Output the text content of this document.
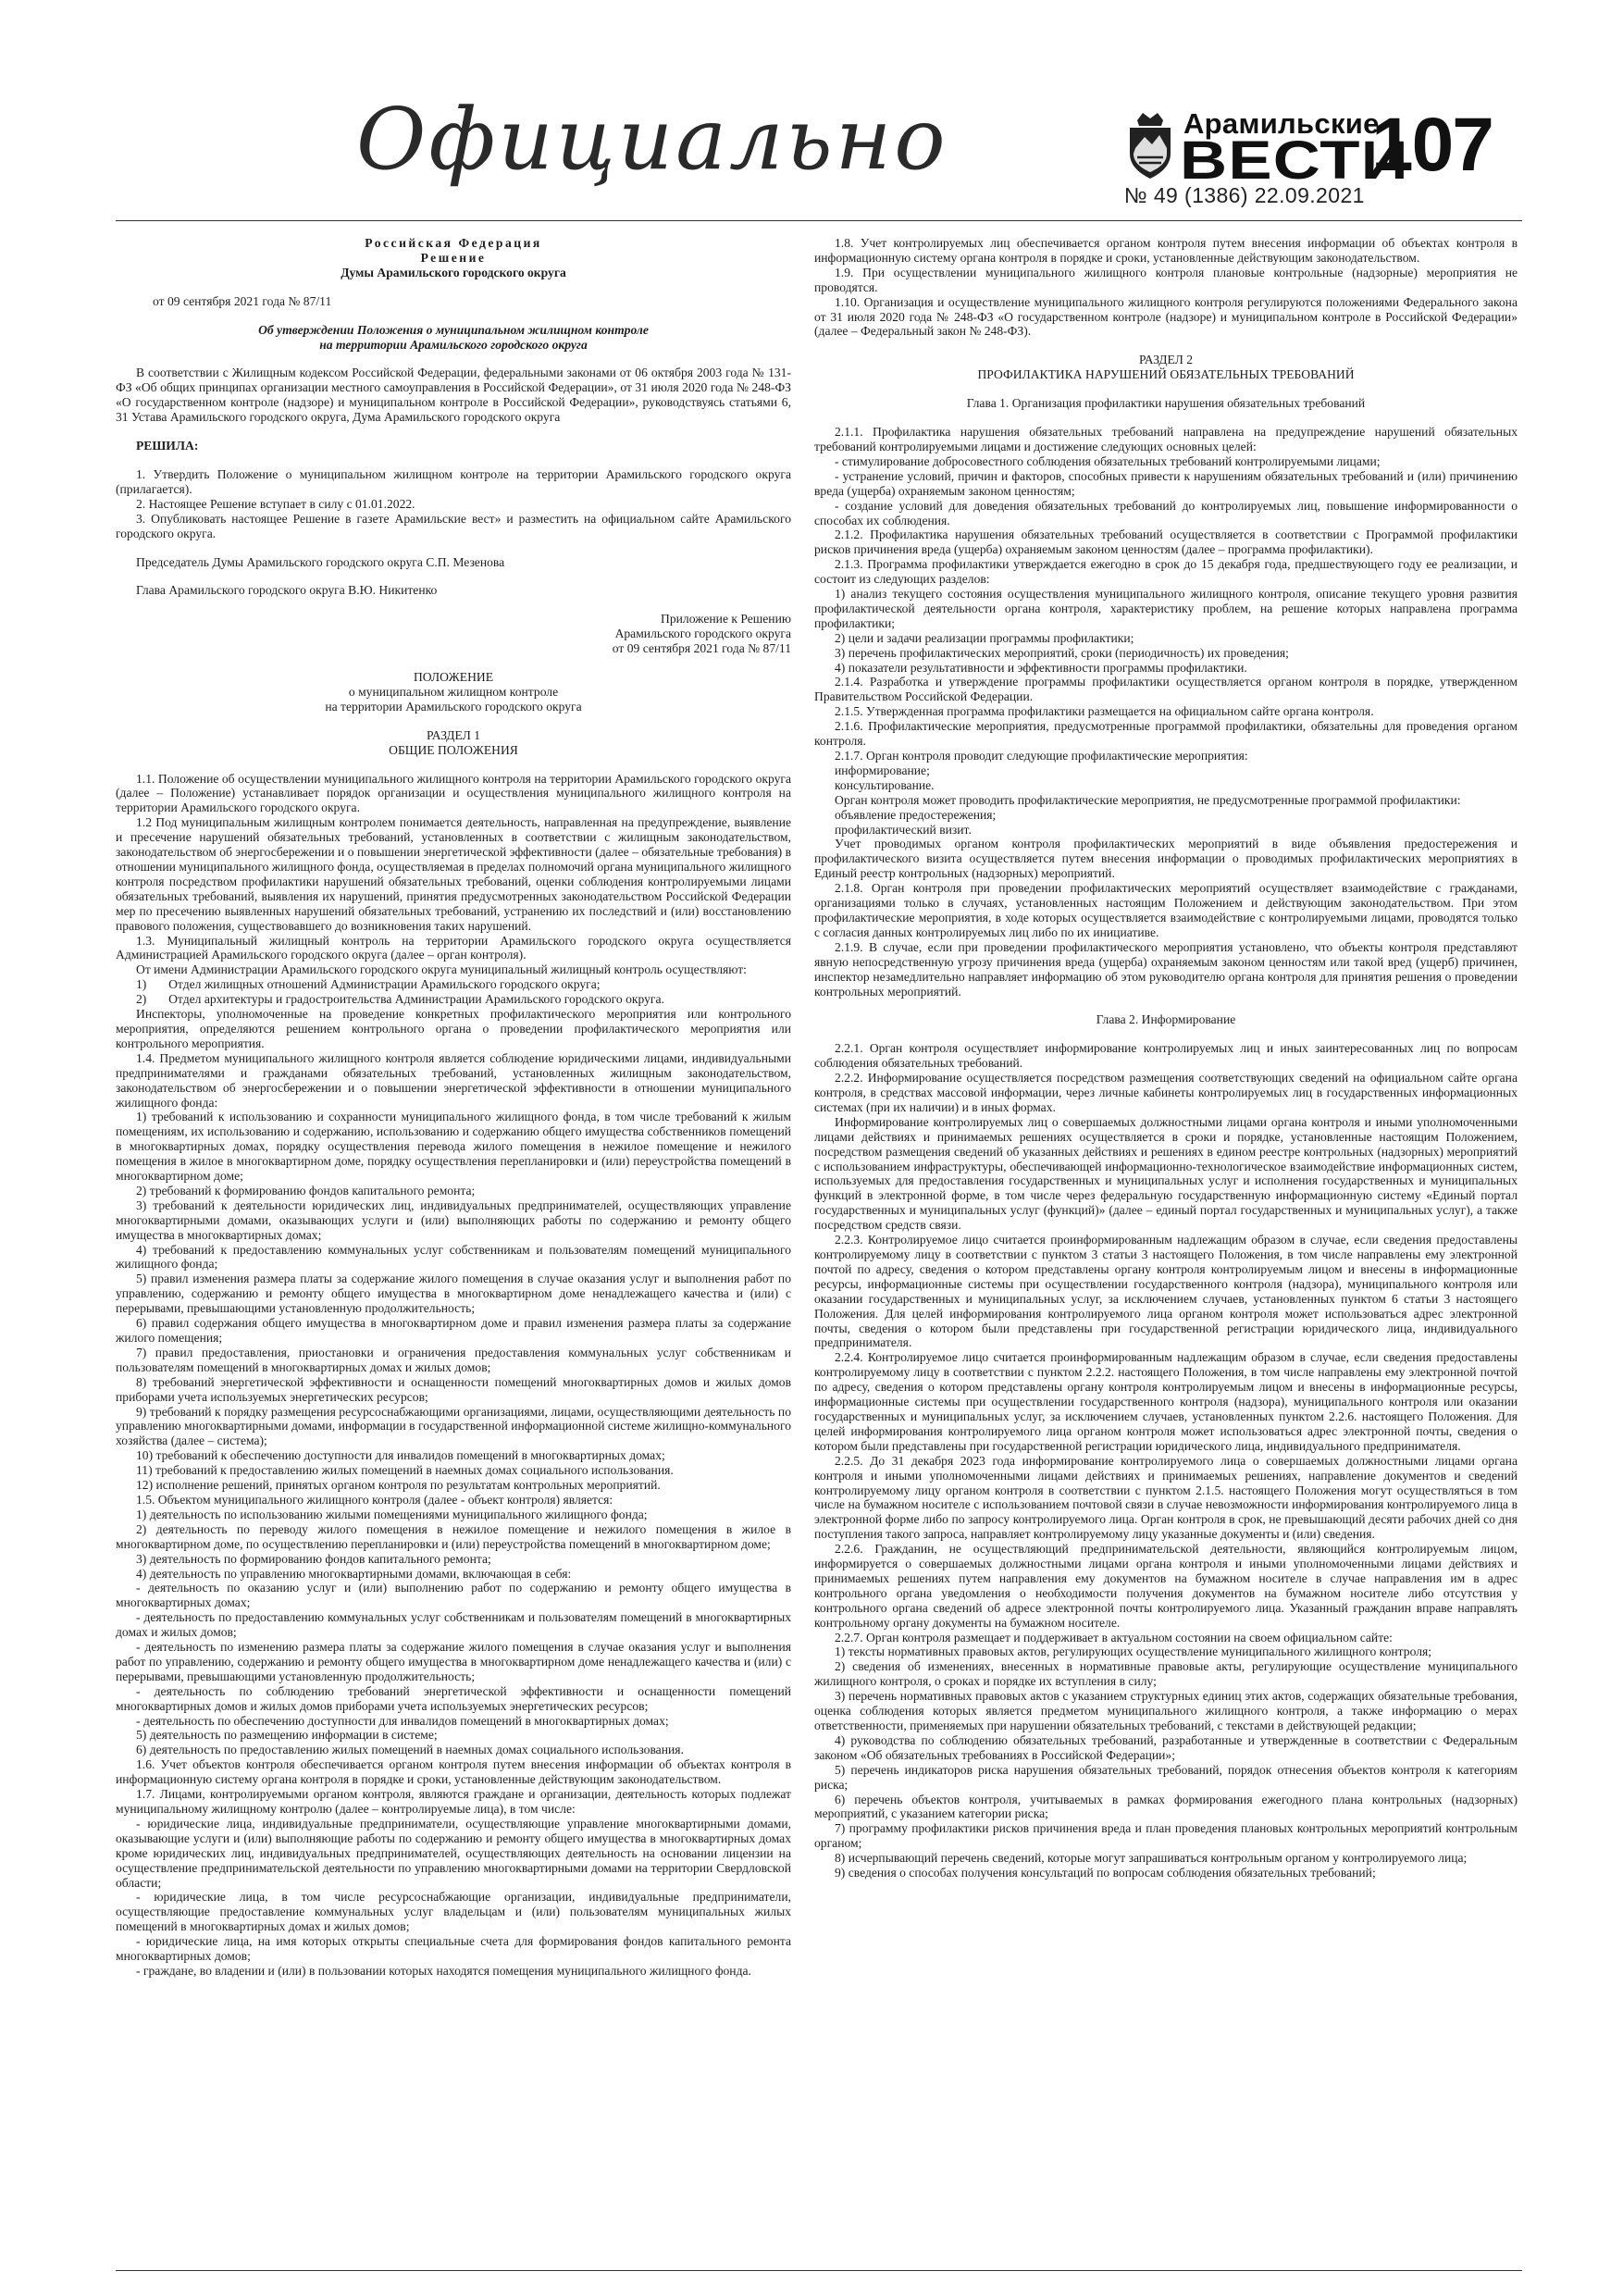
Официально	Арамильские
ВЕСТИ
107
№ 49 (1386) 22.09.2021

Российская Федерация

Решение

Думы Арамильского городского округа

от 09 сентября 2021 года № 87/11

Об утверждении Положения о муниципальном жилищном контроле

на территории Арамильского городского округа

В соответствии с Жилищным кодексом Российской Федерации, федеральными законами от 06 октября 2003 года № 131-ФЗ «Об общих принципах организации местного самоуправления в Российской Федерации», от 31 июля 2020 года № 248-ФЗ «О государственном контроле (надзоре) и муниципальном контроле в Российской Федерации», руководствуясь статьями 6, 31 Устава Арамильского городского округа, Дума Арамильского городского округа

РЕШИЛА:

1. Утвердить Положение о муниципальном жилищном контроле на территории Арамильского городского округа (прилагается).

2. Настоящее Решение вступает в силу с 01.01.2022.

3. Опубликовать настоящее Решение в газете Арамильские вест» и разместить на официальном сайте Арамильского городского округа.

Председатель Думы Арамильского городского округа С.П. Мезенова

Глава Арамильского городского округа В.Ю. Никитенко

Приложение к Решению

Арамильского городского округа

от 09 сентября 2021 года № 87/11

ПОЛОЖЕНИЕ

о муниципальном жилищном контроле

на территории Арамильского городского округа

РАЗДЕЛ 1

ОБЩИЕ ПОЛОЖЕНИЯ

1.1. Положение об осуществлении муниципального жилищного контроля на территории Арамильского городского округа (далее – Положение) устанавливает порядок организации и осуществления муниципального жилищного контроля на территории Арамильского городского округа.

1.2 Под муниципальным жилищным контролем понимается деятельность, направленная на предупреждение, выявление и пресечение нарушений обязательных требований, установленных в соответствии с жилищным законодательством, законодательством об энергосбережении и о повышении энергетической эффективности (далее – обязательные требования) в отношении муниципального жилищного фонда, осуществляемая в пределах полномочий органа муниципального жилищного контроля посредством профилактики нарушений обязательных требований, оценки соблюдения контролируемыми лицами обязательных требований, выявления их нарушений, принятия предусмотренных законодательством Российской Федерации мер по пресечению выявленных нарушений обязательных требований, устранению их последствий и (или) восстановлению правового положения, существовавшего до возникновения таких нарушений.

1.3. Муниципальный жилищный контроль на территории Арамильского городского округа осуществляется Администрацией Арамильского городского округа (далее – орган контроля).

От имени Администрации Арамильского городского округа муниципальный жилищный контроль осуществляют:

1)       Отдел жилищных отношений Администрации Арамильского городского округа;

2)       Отдел архитектуры и градостроительства Администрации Арамильского городского округа.

Инспекторы, уполномоченные на проведение конкретных профилактического мероприятия или контрольного мероприятия, определяются решением контрольного органа о проведении профилактического мероприятия или контрольного мероприятия.

1.4. Предметом муниципального жилищного контроля является соблюдение юридическими лицами, индивидуальными предпринимателями и гражданами обязательных требований, установленных жилищным законодательством, законодательством об энергосбережении и о повышении энергетической эффективности в отношении муниципального жилищного фонда:

1) требований к использованию и сохранности муниципального жилищного фонда, в том числе требований к жилым помещениям, их использованию и содержанию, использованию и содержанию общего имущества собственников помещений в многоквартирных домах, порядку осуществления перевода жилого помещения в нежилое помещение и нежилого помещения в жилое в многоквартирном доме, порядку осуществления перепланировки и (или) переустройства помещений в многоквартирном доме;

2) требований к формированию фондов капитального ремонта;

3) требований к деятельности юридических лиц, индивидуальных предпринимателей, осуществляющих управление многоквартирными домами, оказывающих услуги и (или) выполняющих работы по содержанию и ремонту общего имущества в многоквартирных домах;

4) требований к предоставлению коммунальных услуг собственникам и пользователям помещений муниципального жилищного фонда;

5) правил изменения размера платы за содержание жилого помещения в случае оказания услуг и выполнения работ по управлению, содержанию и ремонту общего имущества в многоквартирном доме ненадлежащего качества и (или) с перерывами, превышающими установленную продолжительность;

6) правил содержания общего имущества в многоквартирном доме и правил изменения размера платы за содержание жилого помещения;

7) правил предоставления, приостановки и ограничения предоставления коммунальных услуг собственникам и пользователям помещений в многоквартирных домах и жилых домов;

8) требований энергетической эффективности и оснащенности помещений многоквартирных домов и жилых домов приборами учета используемых энергетических ресурсов;

9) требований к порядку размещения ресурсоснабжающими организациями, лицами, осуществляющими деятельность по управлению многоквартирными домами, информации в государственной информационной системе жилищно-коммунального хозяйства (далее – система);

10) требований к обеспечению доступности для инвалидов помещений в многоквартирных домах;

11) требований к предоставлению жилых помещений в наемных домах социального использования.

12) исполнение решений, принятых органом контроля по результатам контрольных мероприятий.

1.5. Объектом муниципального жилищного контроля (далее - объект контроля) является:

1) деятельность по использованию жилыми помещениями муниципального жилищного фонда;

2) деятельность по переводу жилого помещения в нежилое помещение и нежилого помещения в жилое в многоквартирном доме, по осуществлению перепланировки и (или) переустройства помещений в многоквартирном доме;

3) деятельность по формированию фондов капитального ремонта;

4) деятельность по управлению многоквартирными домами, включающая в себя:

- деятельность по оказанию услуг и (или) выполнению работ по содержанию и ремонту общего имущества в многоквартирных домах;

- деятельность по предоставлению коммунальных услуг собственникам и пользователям помещений в многоквартирных домах и жилых домов;

- деятельность по изменению размера платы за содержание жилого помещения в случае оказания услуг и выполнения работ по управлению, содержанию и ремонту общего имущества в многоквартирном доме ненадлежащего качества и (или) с перерывами, превышающими установленную продолжительность;

- деятельность по соблюдению требований энергетической эффективности и оснащенности помещений многоквартирных домов и жилых домов приборами учета используемых энергетических ресурсов;

- деятельность по обеспечению доступности для инвалидов помещений в многоквартирных домах;

5) деятельность по размещению информации в системе;

6) деятельность по предоставлению жилых помещений в наемных домах социального использования.

1.6. Учет объектов контроля обеспечивается органом контроля путем внесения информации об объектах контроля в информационную систему органа контроля в порядке и сроки, установленные действующим законодательством.

1.7. Лицами, контролируемыми органом контроля, являются граждане и организации, деятельность которых подлежат муниципальному жилищному контролю (далее – контролируемые лица), в том числе:

- юридические лица, индивидуальные предприниматели, осуществляющие управление многоквартирными домами, оказывающие услуги и (или) выполняющие работы по содержанию и ремонту общего имущества в многоквартирных домах кроме юридических лиц, индивидуальных предпринимателей, осуществляющих деятельность на основании лицензии на осуществление предпринимательской деятельности по управлению многоквартирными домами на территории Свердловской области;

- юридические лица, в том числе ресурсоснабжающие организации, индивидуальные предприниматели, осуществляющие предоставление коммунальных услуг владельцам и (или) пользователям муниципальных жилых помещений в многоквартирных домах и жилых домов;

- юридические лица, на имя которых открыты специальные счета для формирования фондов капитального ремонта многоквартирных домов;

- граждане, во владении и (или) в пользовании которых находятся помещения муниципального жилищного фонда.

1.8. Учет контролируемых лиц обеспечивается органом контроля путем внесения информации об объектах контроля в информационную систему органа контроля в порядке и сроки, установленные действующим законодательством.

1.9. При осуществлении муниципального жилищного контроля плановые контрольные (надзорные) мероприятия не проводятся.

1.10. Организация и осуществление муниципального жилищного контроля регулируются положениями Федерального закона от 31 июля 2020 года № 248-ФЗ «О государственном контроле (надзоре) и муниципальном контроле в Российской Федерации» (далее – Федеральный закон № 248-ФЗ).

РАЗДЕЛ 2

ПРОФИЛАКТИКА НАРУШЕНИЙ ОБЯЗАТЕЛЬНЫХ ТРЕБОВАНИЙ

Глава 1. Организация профилактики нарушения обязательных требований

2.1.1. Профилактика нарушения обязательных требований направлена на предупреждение нарушений обязательных требований контролируемыми лицами и достижение следующих основных целей:

- стимулирование добросовестного соблюдения обязательных требований контролируемыми лицами;

- устранение условий, причин и факторов, способных привести к нарушениям обязательных требований и (или) причинению вреда (ущерба) охраняемым законом ценностям;

- создание условий для доведения обязательных требований до контролируемых лиц, повышение информированности о способах их соблюдения.

2.1.2. Профилактика нарушения обязательных требований осуществляется в соответствии с Программой профилактики рисков причинения вреда (ущерба) охраняемым законом ценностям (далее – программа профилактики).

2.1.3. Программа профилактики утверждается ежегодно в срок до 15 декабря года, предшествующего году ее реализации, и состоит из следующих разделов:

1) анализ текущего состояния осуществления муниципального жилищного контроля, описание текущего уровня развития профилактической деятельности органа контроля, характеристику проблем, на решение которых направлена программа профилактики;

2) цели и задачи реализации программы профилактики;

3) перечень профилактических мероприятий, сроки (периодичность) их проведения;

4) показатели результативности и эффективности программы профилактики.

2.1.4. Разработка и утверждение программы профилактики осуществляется органом контроля в порядке, утвержденном Правительством Российской Федерации.

2.1.5. Утвержденная программа профилактики размещается на официальном сайте органа контроля.

2.1.6. Профилактические мероприятия, предусмотренные программой профилактики, обязательны для проведения органом контроля.

2.1.7. Орган контроля проводит следующие профилактические мероприятия:

информирование;

консультирование.

Орган контроля может проводить профилактические мероприятия, не предусмотренные программой профилактики:

объявление предостережения;

профилактический визит.

Учет проводимых органом контроля профилактических мероприятий в виде объявления предостережения и профилактического визита осуществляется путем внесения информации о проводимых профилактических мероприятиях в Единый реестр контрольных (надзорных) мероприятий.

2.1.8. Орган контроля при проведении профилактических мероприятий осуществляет взаимодействие с гражданами, организациями только в случаях, установленных настоящим Положением и действующим законодательством. При этом профилактические мероприятия, в ходе которых осуществляется взаимодействие с контролируемыми лицами, проводятся только с согласия данных контролируемых лиц либо по их инициативе.

2.1.9. В случае, если при проведении профилактического мероприятия установлено, что объекты контроля представляют явную непосредственную угрозу причинения вреда (ущерба) охраняемым законом ценностям или такой вред (ущерб) причинен, инспектор незамедлительно направляет информацию об этом руководителю органа контроля для принятия решения о проведении контрольных мероприятий.

Глава 2. Информирование

2.2.1. Орган контроля осуществляет информирование контролируемых лиц и иных заинтересованных лиц по вопросам соблюдения обязательных требований.

2.2.2. Информирование осуществляется посредством размещения соответствующих сведений на официальном сайте органа контроля, в средствах массовой информации, через личные кабинеты контролируемых лиц в государственных информационных системах (при их наличии) и в иных формах.

Информирование контролируемых лиц о совершаемых должностными лицами органа контроля и иными уполномоченными лицами действиях и принимаемых решениях осуществляется в сроки и порядке, установленные настоящим Положением, посредством размещения сведений об указанных действиях и решениях в едином реестре контрольных (надзорных) мероприятий с использованием инфраструктуры, обеспечивающей информационно-технологическое взаимодействие информационных систем, используемых для предоставления государственных и муниципальных услуг и исполнения государственных и муниципальных функций в электронной форме, в том числе через федеральную государственную информационную систему «Единый портал государственных и муниципальных услуг (функций)» (далее – единый портал государственных и муниципальных услуг), а также посредством средств связи.

2.2.3. Контролируемое лицо считается проинформированным надлежащим образом в случае, если сведения предоставлены контролируемому лицу в соответствии с пунктом 3 статьи 3 настоящего Положения, в том числе направлены ему электронной почтой по адресу, сведения о котором представлены органу контроля контролируемым лицом и внесены в информационные ресурсы, информационные системы при осуществлении государственного контроля (надзора), муниципального контроля или оказании государственных и муниципальных услуг, за исключением случаев, установленных пунктом 6 статьи 3 настоящего Положения. Для целей информирования контролируемого лица органом контроля может использоваться адрес электронной почты, сведения о котором были представлены при государственной регистрации юридического лица, индивидуального предпринимателя.

2.2.4. Контролируемое лицо считается проинформированным надлежащим образом в случае, если сведения предоставлены контролируемому лицу в соответствии с пунктом 2.2.2. настоящего Положения, в том числе направлены ему электронной почтой по адресу, сведения о котором представлены органу контроля контролируемым лицом и внесены в информационные ресурсы, информационные системы при осуществлении государственного контроля (надзора), муниципального контроля или оказании государственных и муниципальных услуг, за исключением случаев, установленных пунктом 2.2.6. настоящего Положения. Для целей информирования контролируемого лица органом контроля может использоваться адрес электронной почты, сведения о котором были представлены при государственной регистрации юридического лица, индивидуального предпринимателя.

2.2.5. До 31 декабря 2023 года информирование контролируемого лица о совершаемых должностными лицами органа контроля и иными уполномоченными лицами действиях и принимаемых решениях, направление документов и сведений контролируемому лицу органом контроля в соответствии с пунктом 2.1.5. настоящего Положения могут осуществляться в том числе на бумажном носителе с использованием почтовой связи в случае невозможности информирования контролируемого лица в электронной форме либо по запросу контролируемого лица. Орган контроля в срок, не превышающий десяти рабочих дней со дня поступления такого запроса, направляет контролируемому лицу указанные документы и (или) сведения.

2.2.6. Гражданин, не осуществляющий предпринимательской деятельности, являющийся контролируемым лицом, информируется о совершаемых должностными лицами органа контроля и иными уполномоченными лицами действиях и принимаемых решениях путем направления ему документов на бумажном носителе в случае направления им в адрес контрольного органа уведомления о необходимости получения документов на бумажном носителе либо отсутствия у контрольного органа сведений об адресе электронной почты контролируемого лица. Указанный гражданин вправе направлять контрольному органу документы на бумажном носителе.

2.2.7. Орган контроля размещает и поддерживает в актуальном состоянии на своем официальном сайте:

1) тексты нормативных правовых актов, регулирующих осуществление муниципального жилищного контроля;

2) сведения об изменениях, внесенных в нормативные правовые акты, регулирующие осуществление муниципального жилищного контроля, о сроках и порядке их вступления в силу;

3) перечень нормативных правовых актов с указанием структурных единиц этих актов, содержащих обязательные требования, оценка соблюдения которых является предметом муниципального жилищного контроля, а также информацию о мерах ответственности, применяемых при нарушении обязательных требований, с текстами в действующей редакции;

4) руководства по соблюдению обязательных требований, разработанные и утвержденные в соответствии с Федеральным законом «Об обязательных требованиях в Российской Федерации»;

5) перечень индикаторов риска нарушения обязательных требований, порядок отнесения объектов контроля к категориям риска;

6) перечень объектов контроля, учитываемых в рамках формирования ежегодного плана контрольных (надзорных) мероприятий, с указанием категории риска;

7) программу профилактики рисков причинения вреда и план проведения плановых контрольных мероприятий контрольным органом;

8) исчерпывающий перечень сведений, которые могут запрашиваться контрольным органом у контролируемого лица;

9) сведения о способах получения консультаций по вопросам соблюдения обязательных требований;
